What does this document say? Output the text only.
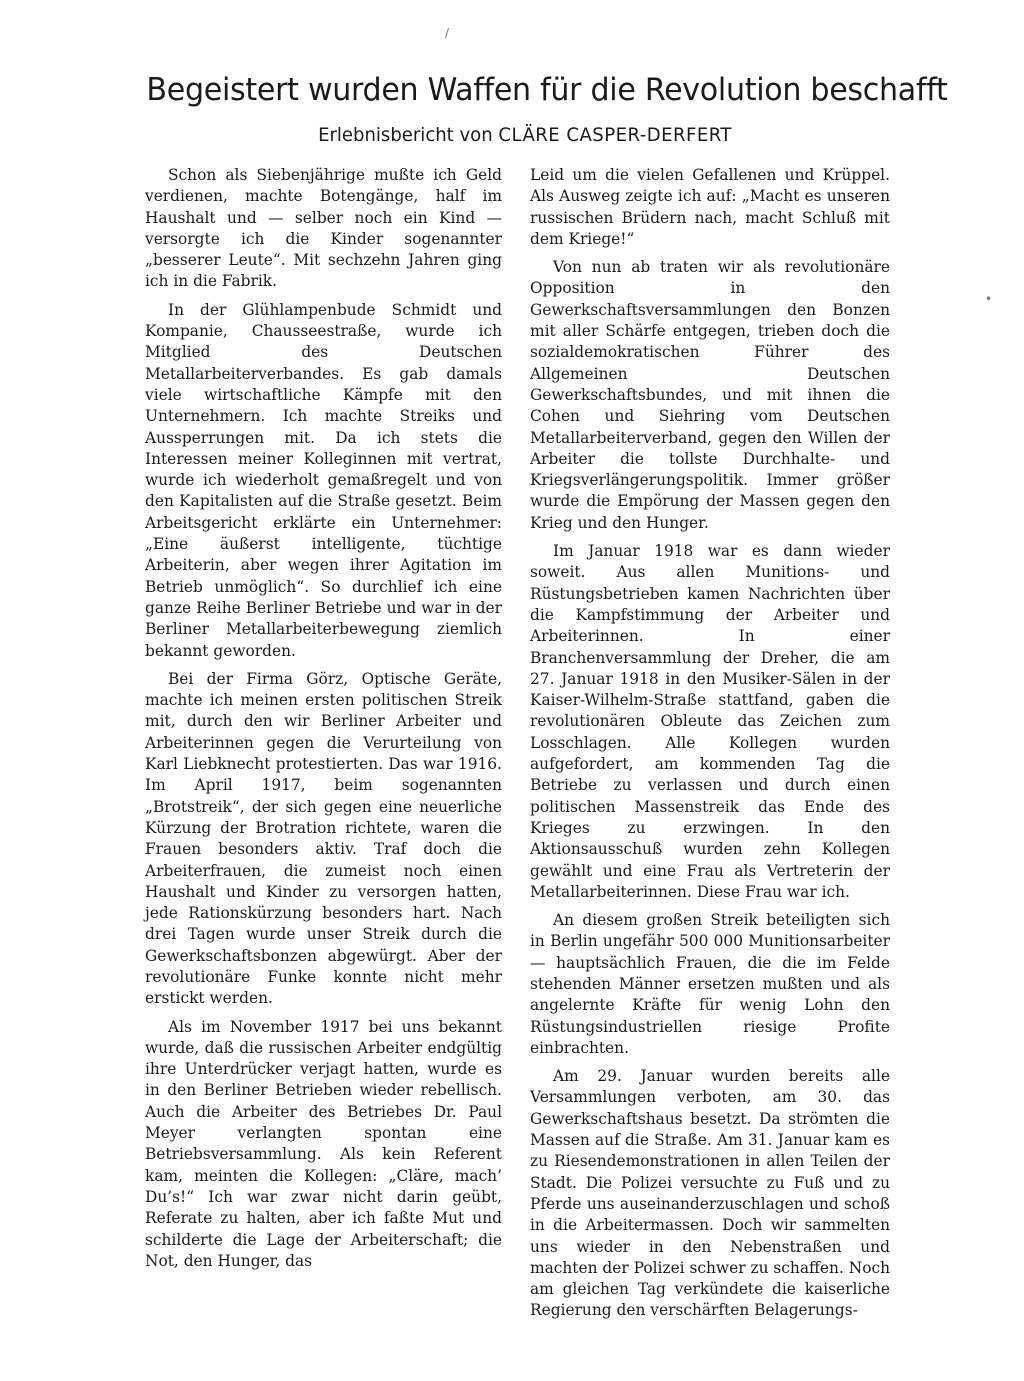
Begeistert wurden Waffen für die Revolution beschafft
Erlebnisbericht von CLÄRE CASPER-DERFERT

Schon als Siebenjährige mußte ich Geld verdienen, machte Botengänge, half im Haushalt und — selber noch ein Kind — versorgte ich die Kinder sogenannter „besserer Leute“. Mit sechzehn Jahren ging ich in die Fabrik.

In der Glühlampenbude Schmidt und Kompanie, Chausseestraße, wurde ich Mitglied des Deutschen Metallarbeiterverbandes. Es gab damals viele wirtschaftliche Kämpfe mit den Unternehmern. Ich machte Streiks und Aussperrungen mit. Da ich stets die Interessen meiner Kolleginnen mit vertrat, wurde ich wiederholt gemaßregelt und von den Kapitalisten auf die Straße gesetzt. Beim Arbeitsgericht erklärte ein Unternehmer: „Eine äußerst intelligente, tüchtige Arbeiterin, aber wegen ihrer Agitation im Betrieb unmöglich“. So durchlief ich eine ganze Reihe Berliner Betriebe und war in der Berliner Metallarbeiterbewegung ziemlich bekannt geworden.

Bei der Firma Görz, Optische Geräte, machte ich meinen ersten politischen Streik mit, durch den wir Berliner Arbeiter und Arbeiterinnen gegen die Verurteilung von Karl Liebknecht protestierten. Das war 1916. Im April 1917, beim sogenannten „Brotstreik“, der sich gegen eine neuerliche Kürzung der Brotration richtete, waren die Frauen besonders aktiv. Traf doch die Arbeiterfrauen, die zumeist noch einen Haushalt und Kinder zu versorgen hatten, jede Rationskürzung besonders hart. Nach drei Tagen wurde unser Streik durch die Gewerkschaftsbonzen abgewürgt. Aber der revolutionäre Funke konnte nicht mehr erstickt werden.

Als im November 1917 bei uns bekannt wurde, daß die russischen Arbeiter endgültig ihre Unterdrücker verjagt hatten, wurde es in den Berliner Betrieben wieder rebellisch. Auch die Arbeiter des Betriebes Dr. Paul Meyer verlangten spontan eine Betriebsversammlung. Als kein Referent kam, meinten die Kollegen: „Cläre, mach’ Du’s!“ Ich war zwar nicht darin geübt, Referate zu halten, aber ich faßte Mut und schilderte die Lage der Arbeiterschaft; die Not, den Hunger, das

Leid um die vielen Gefallenen und Krüppel. Als Ausweg zeigte ich auf: „Macht es unseren russischen Brüdern nach, macht Schluß mit dem Kriege!“

Von nun ab traten wir als revolutionäre Opposition in den Gewerkschaftsversammlungen den Bonzen mit aller Schärfe entgegen, trieben doch die sozialdemokratischen Führer des Allgemeinen Deutschen Gewerkschaftsbundes, und mit ihnen die Cohen und Siehring vom Deutschen Metallarbeiterverband, gegen den Willen der Arbeiter die tollste Durchhalte- und Kriegsverlängerungspolitik. Immer größer wurde die Empörung der Massen gegen den Krieg und den Hunger.

Im Januar 1918 war es dann wieder soweit. Aus allen Munitions- und Rüstungsbetrieben kamen Nachrichten über die Kampfstimmung der Arbeiter und Arbeiterinnen. In einer Branchenversammlung der Dreher, die am 27. Januar 1918 in den Musiker-Sälen in der Kaiser-Wilhelm-Straße stattfand, gaben die revolutionären Obleute das Zeichen zum Losschlagen. Alle Kollegen wurden aufgefordert, am kommenden Tag die Betriebe zu verlassen und durch einen politischen Massenstreik das Ende des Krieges zu erzwingen. In den Aktionsausschuß wurden zehn Kollegen gewählt und eine Frau als Vertreterin der Metallarbeiterinnen. Diese Frau war ich.

An diesem großen Streik beteiligten sich in Berlin ungefähr 500 000 Munitionsarbeiter — hauptsächlich Frauen, die die im Felde stehenden Männer ersetzen mußten und als angelernte Kräfte für wenig Lohn den Rüstungsindustriellen riesige Profite einbrachten.

Am 29. Januar wurden bereits alle Versammlungen verboten, am 30. das Gewerkschaftshaus besetzt. Da strömten die Massen auf die Straße. Am 31. Januar kam es zu Riesendemonstrationen in allen Teilen der Stadt. Die Polizei versuchte zu Fuß und zu Pferde uns auseinanderzuschlagen und schoß in die Arbeitermassen. Doch wir sammelten uns wieder in den Nebenstraßen und machten der Polizei schwer zu schaffen. Noch am gleichen Tag verkündete die kaiserliche Regierung den verschärften Belagerungs-

/
•
